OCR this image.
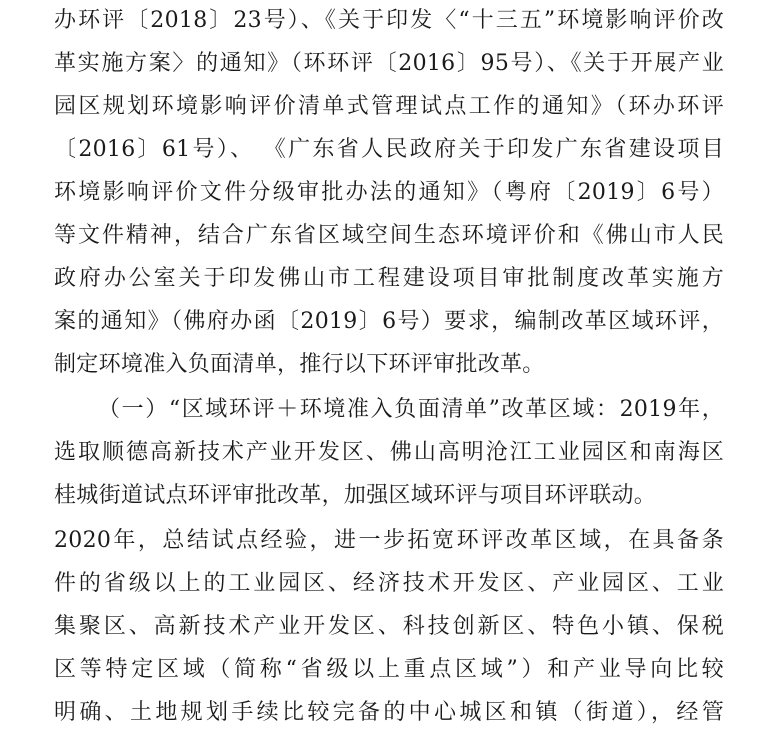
办环评〔2018〕23号）、《关于印发〈“十三五”环境影响评价改
革实施方案〉的通知》（环环评〔2016〕95号）、《关于开展产业
园区规划环境影响评价清单式管理试点工作的通知》（环办环评
〔2016〕61号）、 《广东省人民政府关于印发广东省建设项目
环境影响评价文件分级审批办法的通知》（粤府〔2019〕6号）
等文件精神，结合广东省区域空间生态环境评价和《佛山市人民
政府办公室关于印发佛山市工程建设项目审批制度改革实施方
案的通知》（佛府办函〔2019〕6号）要求，编制改革区域环评，
制定环境准入负面清单，推行以下环评审批改革。
（一）“区域环评＋环境准入负面清单”改革区域：2019年，
选取顺德高新技术产业开发区、佛山高明沧江工业园区和南海区
桂城街道试点环评审批改革，加强区域环评与项目环评联动。
2020年，总结试点经验，进一步拓宽环评改革区域，在具备条
件的省级以上的工业园区、经济技术开发区、产业园区、工业
集聚区、高新技术产业开发区、科技创新区、特色小镇、保税
区等特定区域（简称“省级以上重点区域”）和产业导向比较
明确、土地规划手续比较完备的中心城区和镇（街道），经管
